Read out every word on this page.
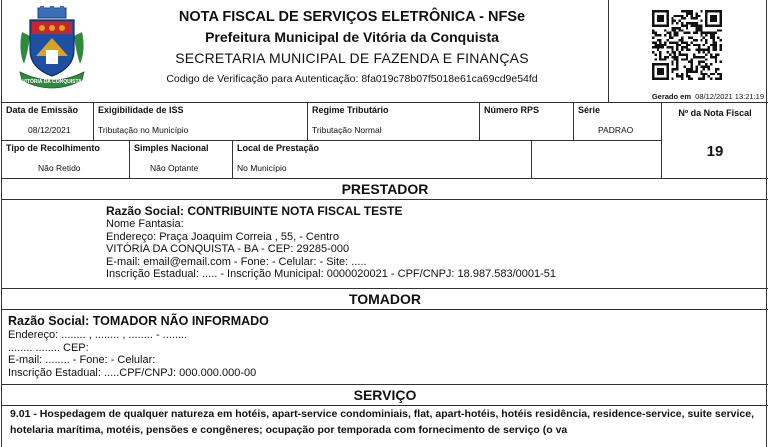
VITÓRIA DA CONQUISTA
NOTA FISCAL DE SERVIÇOS ELETRÔNICA - NFSe
Prefeitura Municipal de Vitória da Conquista
SECRETARIA MUNICIPAL DE FAZENDA E FINANÇAS
Codigo de Verificação para Autenticação: 8fa019c78b07f5018e61ca69cd9e54fd
Gerado em 08/12/2021 13:21:19
Data de Emissão
08/12/2021
Exigibilidade de ISS
Tributação no Município
Regime Tributário
Tributação Normal
Número RPS	Série
PADRAO
Tipo de Recolhimento
Não Retido
Simples Nacional
Não Optante
Local de Prestação
No Município
Nº da Nota Fiscal
19
PRESTADOR
Razão Social: CONTRIBUINTE NOTA FISCAL TESTE
Nome Fantasia:
Endereço: Praça Joaquim Correia , 55, - Centro
VITÓRIA DA CONQUISTA - BA - CEP: 29285-000
E-mail: email@email.com - Fone: - Celular: - Site: .....
Inscrição Estadual: ..... - Inscrição Municipal: 0000020021 - CPF/CNPJ: 18.987.583/0001-51
TOMADOR
Razão Social: TOMADOR NÃO INFORMADO
Endereço: ........ , ........ , ........ - ........
........ ........ CEP:
E-mail: ........ - Fone: - Celular:
Inscrição Estadual: .....CPF/CNPJ: 000.000.000-00
SERVIÇO
9.01 - Hospedagem de qualquer natureza em hotéis, apart-service condominiais, flat, apart-hotéis, hotéis residência, residence-service, suite service, hotelaria marítima, motéis, pensões e congêneres; ocupação por temporada com fornecimento de serviço (o va
